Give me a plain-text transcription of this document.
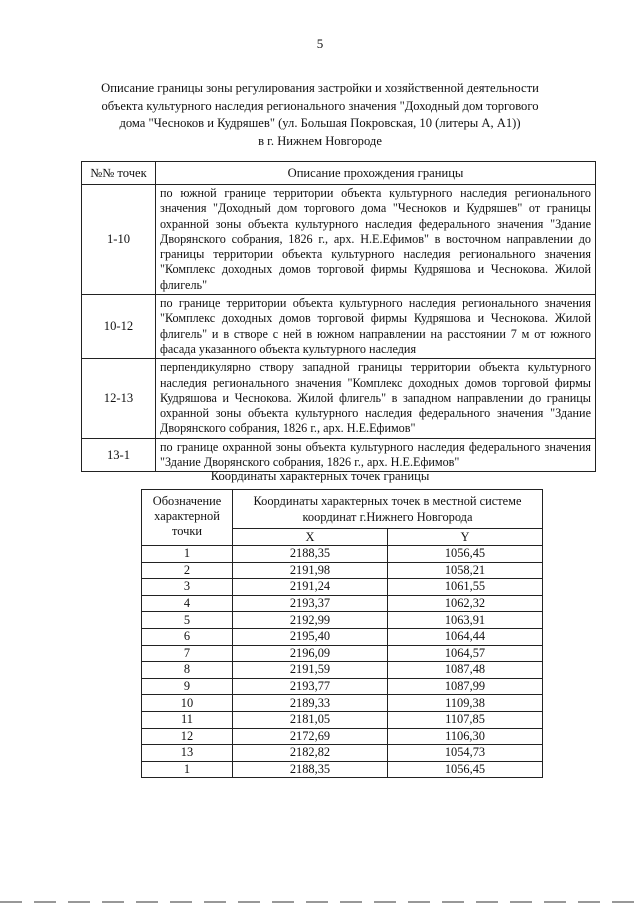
5
Описание границы зоны регулирования застройки и хозяйственной деятельности
объекта культурного наследия регионального значения "Доходный дом торгового
дома "Чесноков и Кудряшев" (ул. Большая Покровская, 10 (литеры А, А1))
в г. Нижнем Новгороде
№№ точек	Описание прохождения границы
1-10	по южной границе территории объекта культурного наследия регионального значения "Доходный дом торгового дома "Чесноков и Кудряшев" от границы охранной зоны объекта культурного наследия федерального значения "Здание Дворянского собрания, 1826 г., арх. Н.Е.Ефимов" в восточном направлении до границы территории объекта культурного наследия регионального значения "Комплекс доходных домов торговой фирмы Кудряшова и Чеснокова. Жилой флигель"
10-12	по границе территории объекта культурного наследия регионального значения "Комплекс доходных домов торговой фирмы Кудряшова и Чеснокова. Жилой флигель" и в створе с ней в южном направлении на расстоянии 7 м от южного фасада указанного объекта культурного наследия
12-13	перпендикулярно створу западной границы территории объекта культурного наследия регионального значения "Комплекс доходных домов торговой фирмы Кудряшова и Чеснокова. Жилой флигель" в западном направлении до границы охранной зоны объекта культурного наследия федерального значения "Здание Дворянского собрания, 1826 г., арх. Н.Е.Ефимов"
13-1	по границе охранной зоны объекта культурного наследия федерального значения "Здание Дворянского собрания, 1826 г., арх. Н.Е.Ефимов"
Координаты характерных точек границы
Обозначение характерной точки	Координаты характерных точек в местной системе координат г.Нижнего Новгорода	
	X	Y
1	2188,35	1056,45
2	2191,98	1058,21
3	2191,24	1061,55
4	2193,37	1062,32
5	2192,99	1063,91
6	2195,40	1064,44
7	2196,09	1064,57
8	2191,59	1087,48
9	2193,77	1087,99
10	2189,33	1109,38
11	2181,05	1107,85
12	2172,69	1106,30
13	2182,82	1054,73
1	2188,35	1056,45
